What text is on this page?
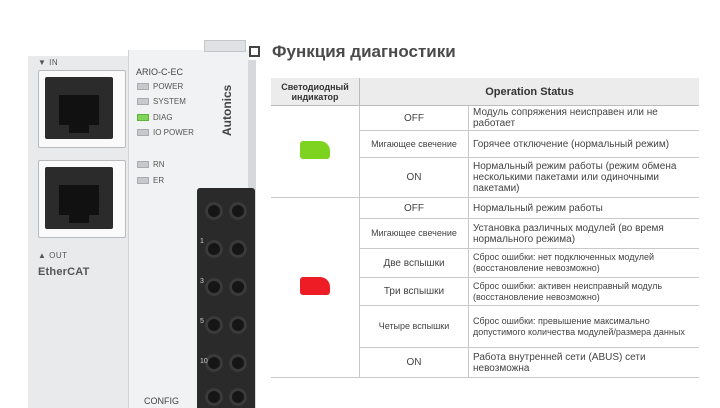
▼ IN
▲ OUT
EtherCAT
ARIO-C-EC
POWER
SYSTEM
DIAG
IO POWER
RN
ER
Autonics
1
3
5
10
CONFIG
Функция диагностики
Светодиодный индикатор	Operation Status	
	OFF	Модуль сопряжения неисправен или не работает
	Мигающее свечение	Горячее отключение (нормальный режим)
	ON	Нормальный режим работы (режим обмена несколькими пакетами или одиночными пакетами)
	OFF	Нормальный режим работы
	Мигающее свечение	Установка различных модулей (во время нормального режима)
	Две вспышки	Сброс ошибки: нет подключенных модулей (восстановление невозможно)
	Три вспышки	Сброс ошибки: активен неисправный модуль (восстановление невозможно)
	Четыре вспышки	Сброс ошибки: превышение максимально допустимого количества модулей/размера данных
	ON	Работа внутренней сети (ABUS) сети невозможна
